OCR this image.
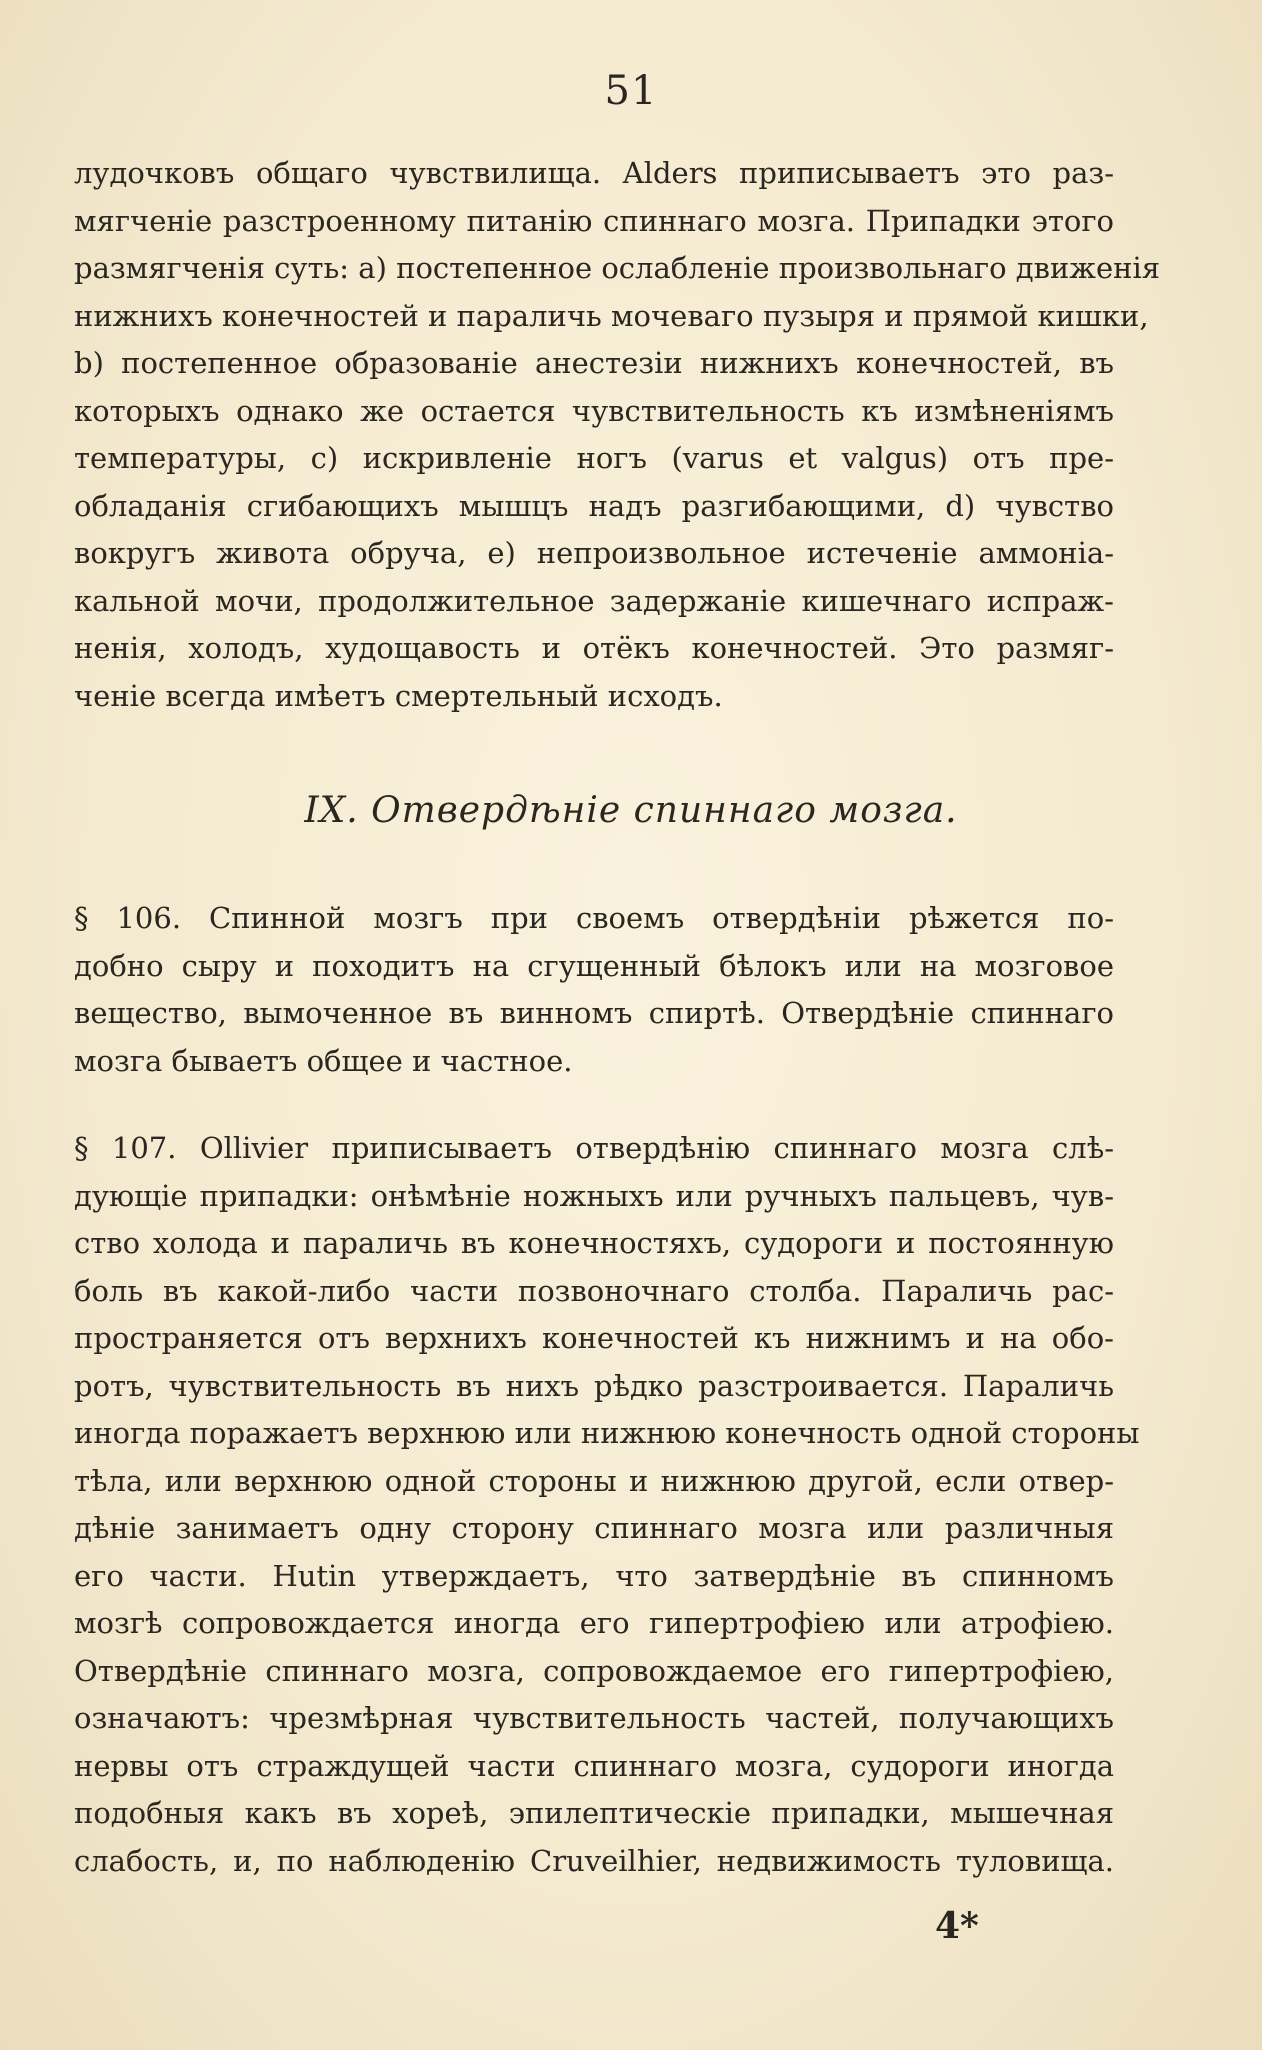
51
лудочковъ общаго чувствилища. Alders приписываетъ это раз-
мягченіе разстроенному питанію спиннаго мозга. Припадки этого
размягченія суть: а) постепенное ослабленіе произвольнаго движенія
нижнихъ конечностей и параличь мочеваго пузыря и прямой кишки,
b) постепенное образованіе анестезіи нижнихъ конечностей, въ
которыхъ однако же остается чувствительность къ измѣненіямъ
температуры, с) искривленіе ногъ (varus et valgus) отъ пре-
обладанія сгибающихъ мышцъ надъ разгибающими, d) чувство
вокругъ живота обруча, е) непроизвольное истеченіе аммоніа-
кальной мочи, продолжительное задержаніе кишечнаго испраж-
ненія, холодъ, худощавость и отёкъ конечностей. Это размяг-
ченіе всегда имѣетъ смертельный исходъ.
IX. Отвердѣніе спиннаго мозга.
§ 106. Спинной мозгъ при своемъ отвердѣніи рѣжется по-
добно сыру и походитъ на сгущенный бѣлокъ или на мозговое
вещество, вымоченное въ винномъ спиртѣ. Отвердѣніе спиннаго
мозга бываетъ общее и частное.
§ 107. Ollivier приписываетъ отвердѣнію спиннаго мозга слѣ-
дующіе припадки: онѣмѣніе ножныхъ или ручныхъ пальцевъ, чув-
ство холода и параличь въ конечностяхъ, судороги и постоянную
боль въ какой-либо части позвоночнаго столба. Параличь рас-
пространяется отъ верхнихъ конечностей къ нижнимъ и на обо-
ротъ, чувствительность въ нихъ рѣдко разстроивается. Параличь
иногда поражаетъ верхнюю или нижнюю конечность одной стороны
тѣла, или верхнюю одной стороны и нижнюю другой, если отвер-
дѣніе занимаетъ одну сторону спиннаго мозга или различныя
его части. Hutin утверждаетъ, что затвердѣніе въ спинномъ
мозгѣ сопровождается иногда его гипертрофіею или атрофіею.
Отвердѣніе спиннаго мозга, сопровождаемое его гипертрофіею,
означаютъ: чрезмѣрная чувствительность частей, получающихъ
нервы отъ страждущей части спиннаго мозга, судороги иногда
подобныя какъ въ хореѣ, эпилептическіе припадки, мышечная
слабость, и, по наблюденію Cruveilhier, недвижимость туловища.
4*
